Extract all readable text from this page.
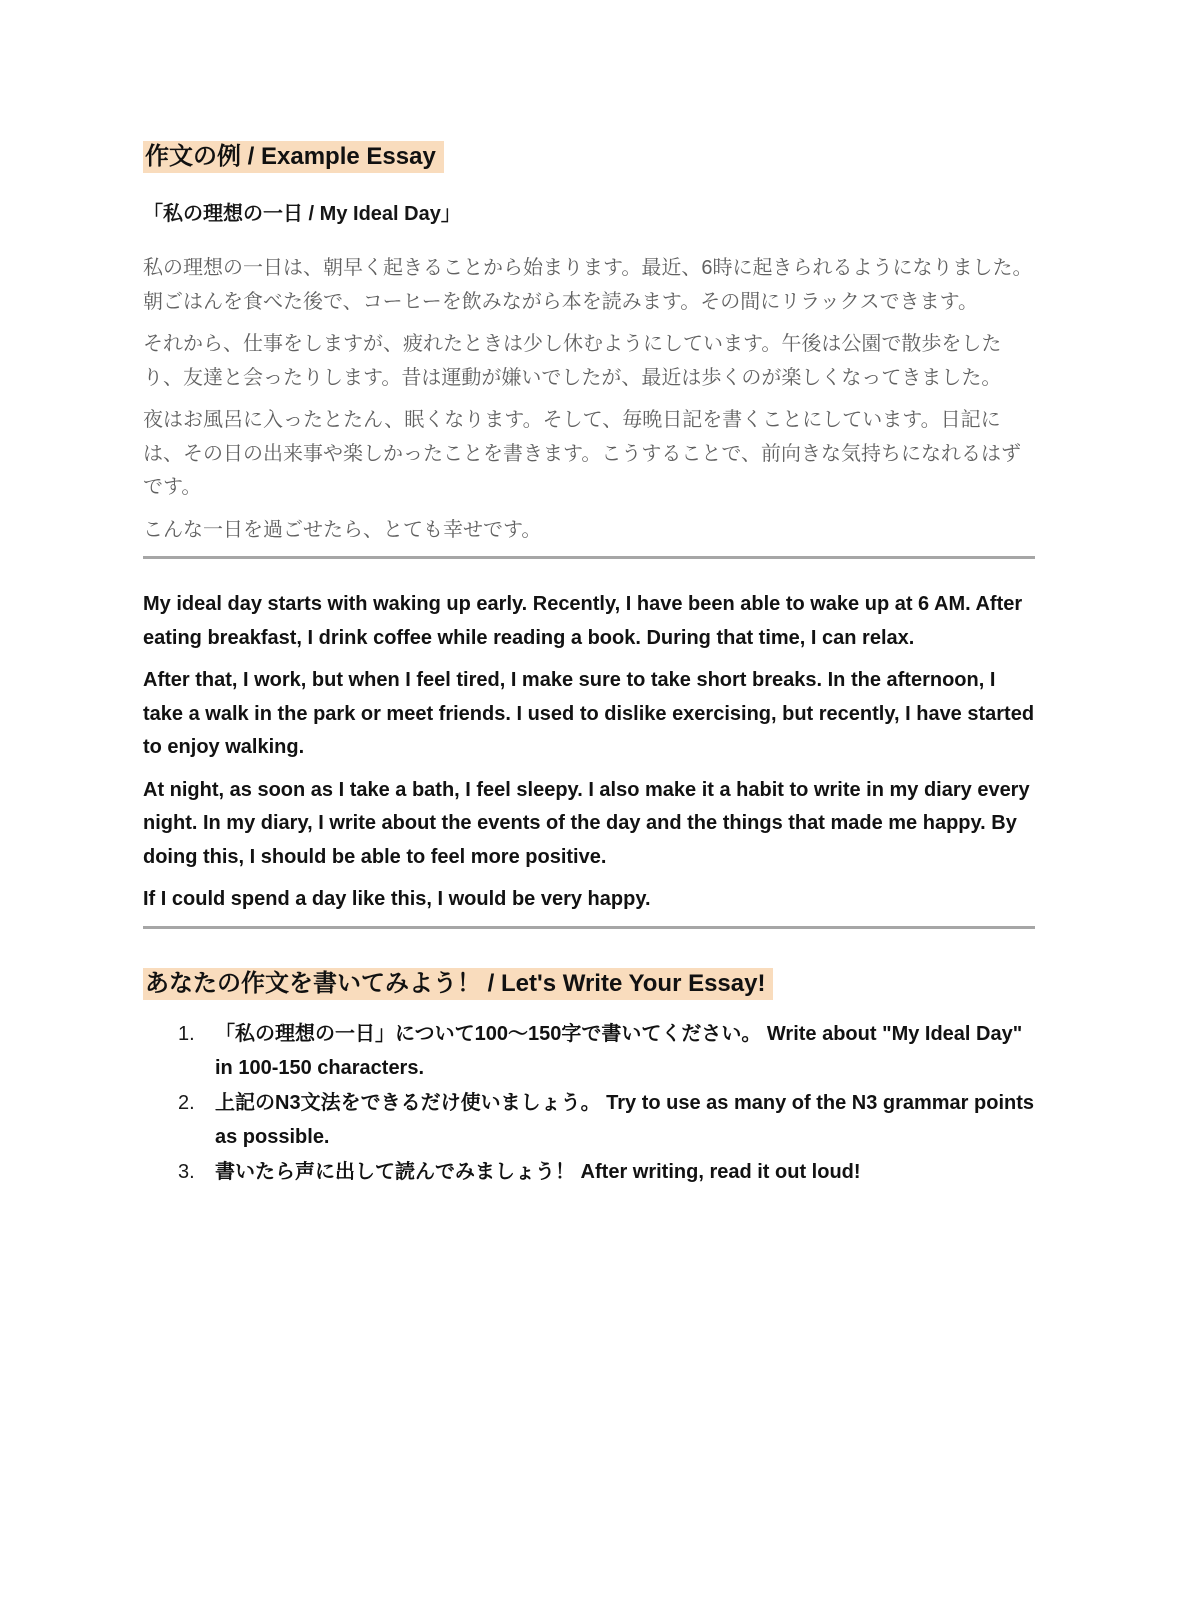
作文の例 / Example Essay
「私の理想の一日 / My Ideal Day」

私の理想の一日は、朝早く起きることから始まります。最近、6時に起きられるようになりました。朝ごはんを食べた後で、コーヒーを飲みながら本を読みます。その間にリラックスできます。

それから、仕事をしますが、疲れたときは少し休むようにしています。午後は公園で散歩をしたり、友達と会ったりします。昔は運動が嫌いでしたが、最近は歩くのが楽しくなってきました。

夜はお風呂に入ったとたん、眠くなります。そして、毎晩日記を書くことにしています。日記には、その日の出来事や楽しかったことを書きます。こうすることで、前向きな気持ちになれるはずです。

こんな一日を過ごせたら、とても幸せです。

My ideal day starts with waking up early. Recently, I have been able to wake up at 6 AM. After eating breakfast, I drink coffee while reading a book. During that time, I can relax.

After that, I work, but when I feel tired, I make sure to take short breaks. In the afternoon, I take a walk in the park or meet friends. I used to dislike exercising, but recently, I have started to enjoy walking.

At night, as soon as I take a bath, I feel sleepy. I also make it a habit to write in my diary every night. In my diary, I write about the events of the day and the things that made me happy. By doing this, I should be able to feel more positive.

If I could spend a day like this, I would be very happy.

あなたの作文を書いてみよう！ / Let's Write Your Essay!
1.	「私の理想の一日」について100〜150字で書いてください。 Write about "My Ideal Day" in 100-150 characters.
2.	上記のN3文法をできるだけ使いましょう。 Try to use as many of the N3 grammar points as possible.
3.	書いたら声に出して読んでみましょう！ After writing, read it out loud!
